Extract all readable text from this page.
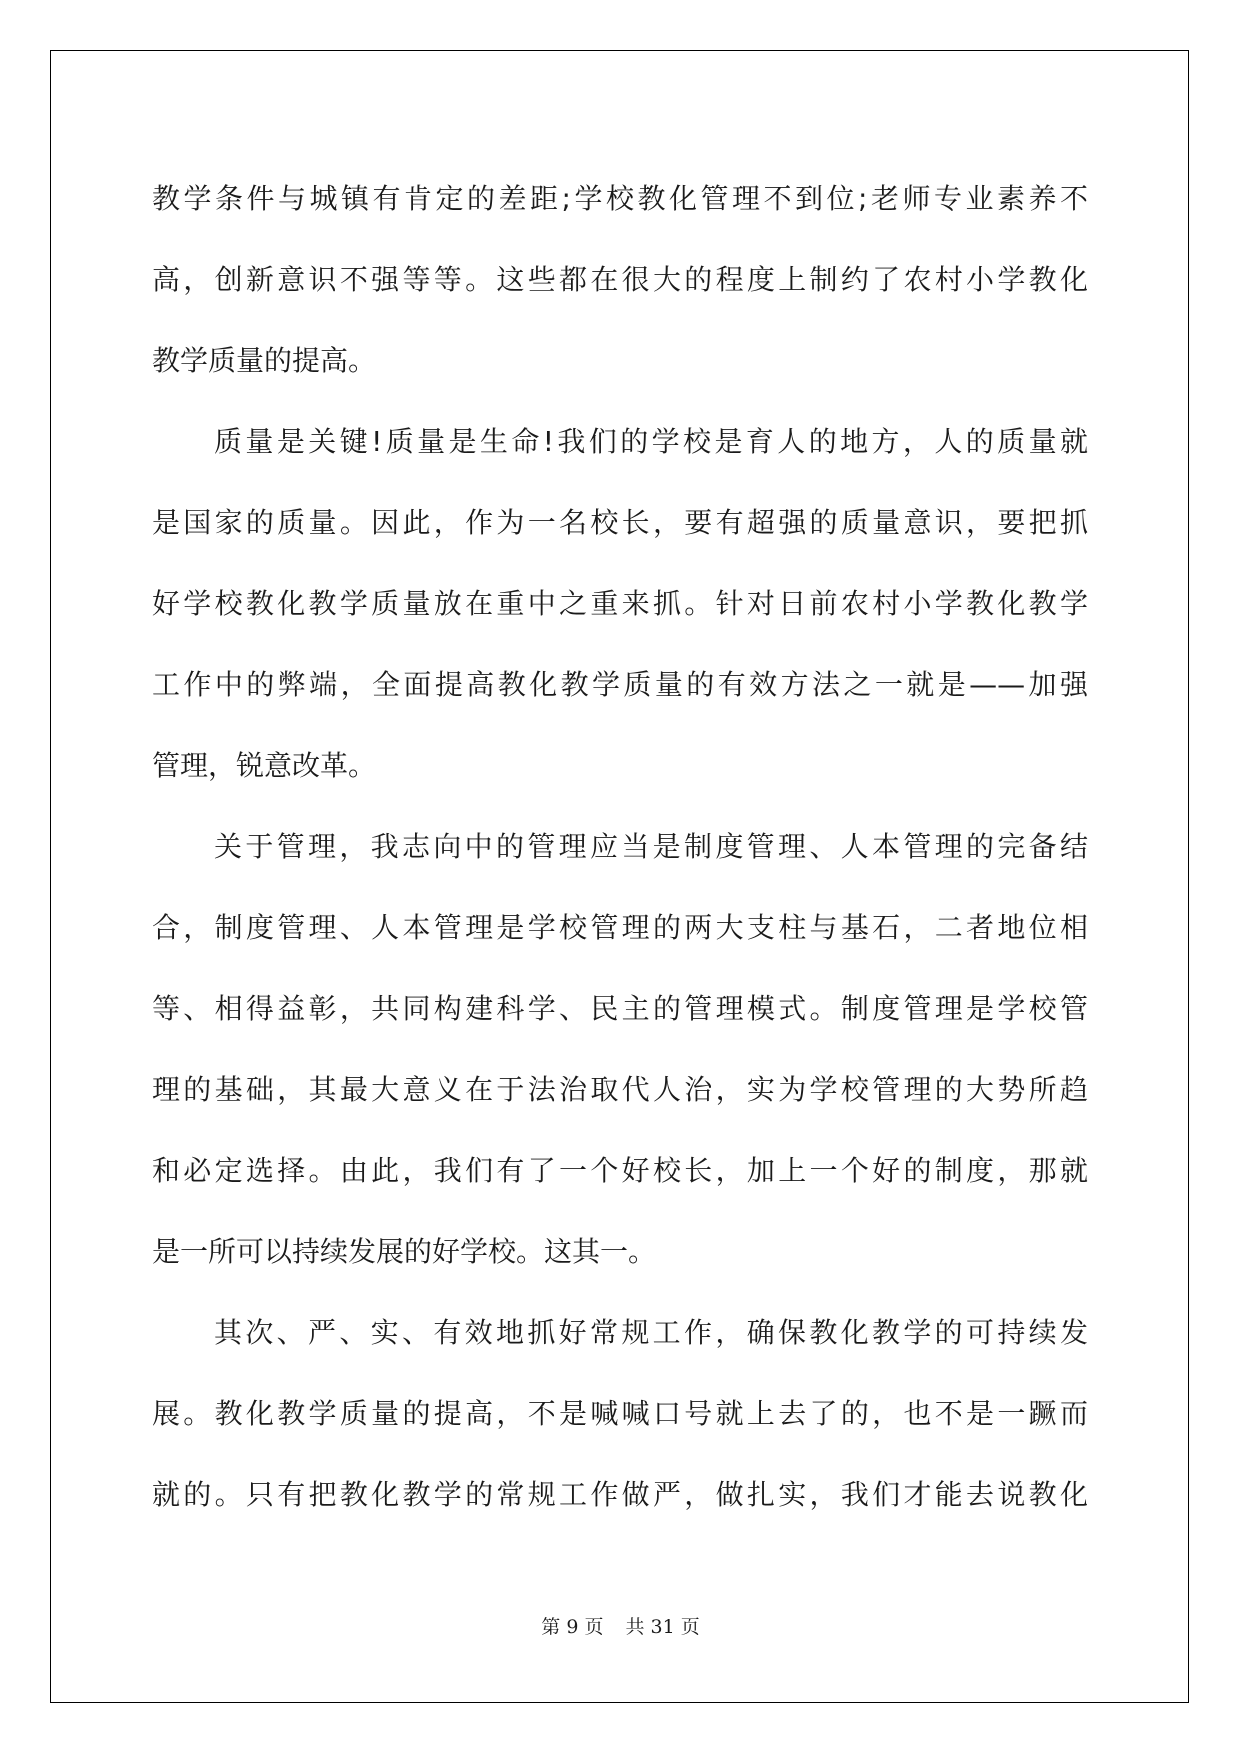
教学条件与城镇有肯定的差距;学校教化管理不到位;老师专业素养不
高，创新意识不强等等。这些都在很大的程度上制约了农村小学教化
教学质量的提高。
质量是关键!质量是生命!我们的学校是育人的地方，人的质量就
是国家的质量。因此，作为一名校长，要有超强的质量意识，要把抓
好学校教化教学质量放在重中之重来抓。针对日前农村小学教化教学
工作中的弊端，全面提高教化教学质量的有效方法之一就是——加强
管理，锐意改革。
关于管理，我志向中的管理应当是制度管理、人本管理的完备结
合，制度管理、人本管理是学校管理的两大支柱与基石，二者地位相
等、相得益彰，共同构建科学、民主的管理模式。制度管理是学校管
理的基础，其最大意义在于法治取代人治，实为学校管理的大势所趋
和必定选择。由此，我们有了一个好校长，加上一个好的制度，那就
是一所可以持续发展的好学校。这其一。
其次、严、实、有效地抓好常规工作，确保教化教学的可持续发
展。教化教学质量的提高，不是喊喊口号就上去了的，也不是一蹶而
就的。只有把教化教学的常规工作做严，做扎实，我们才能去说教化
第 9 页 共 31 页
